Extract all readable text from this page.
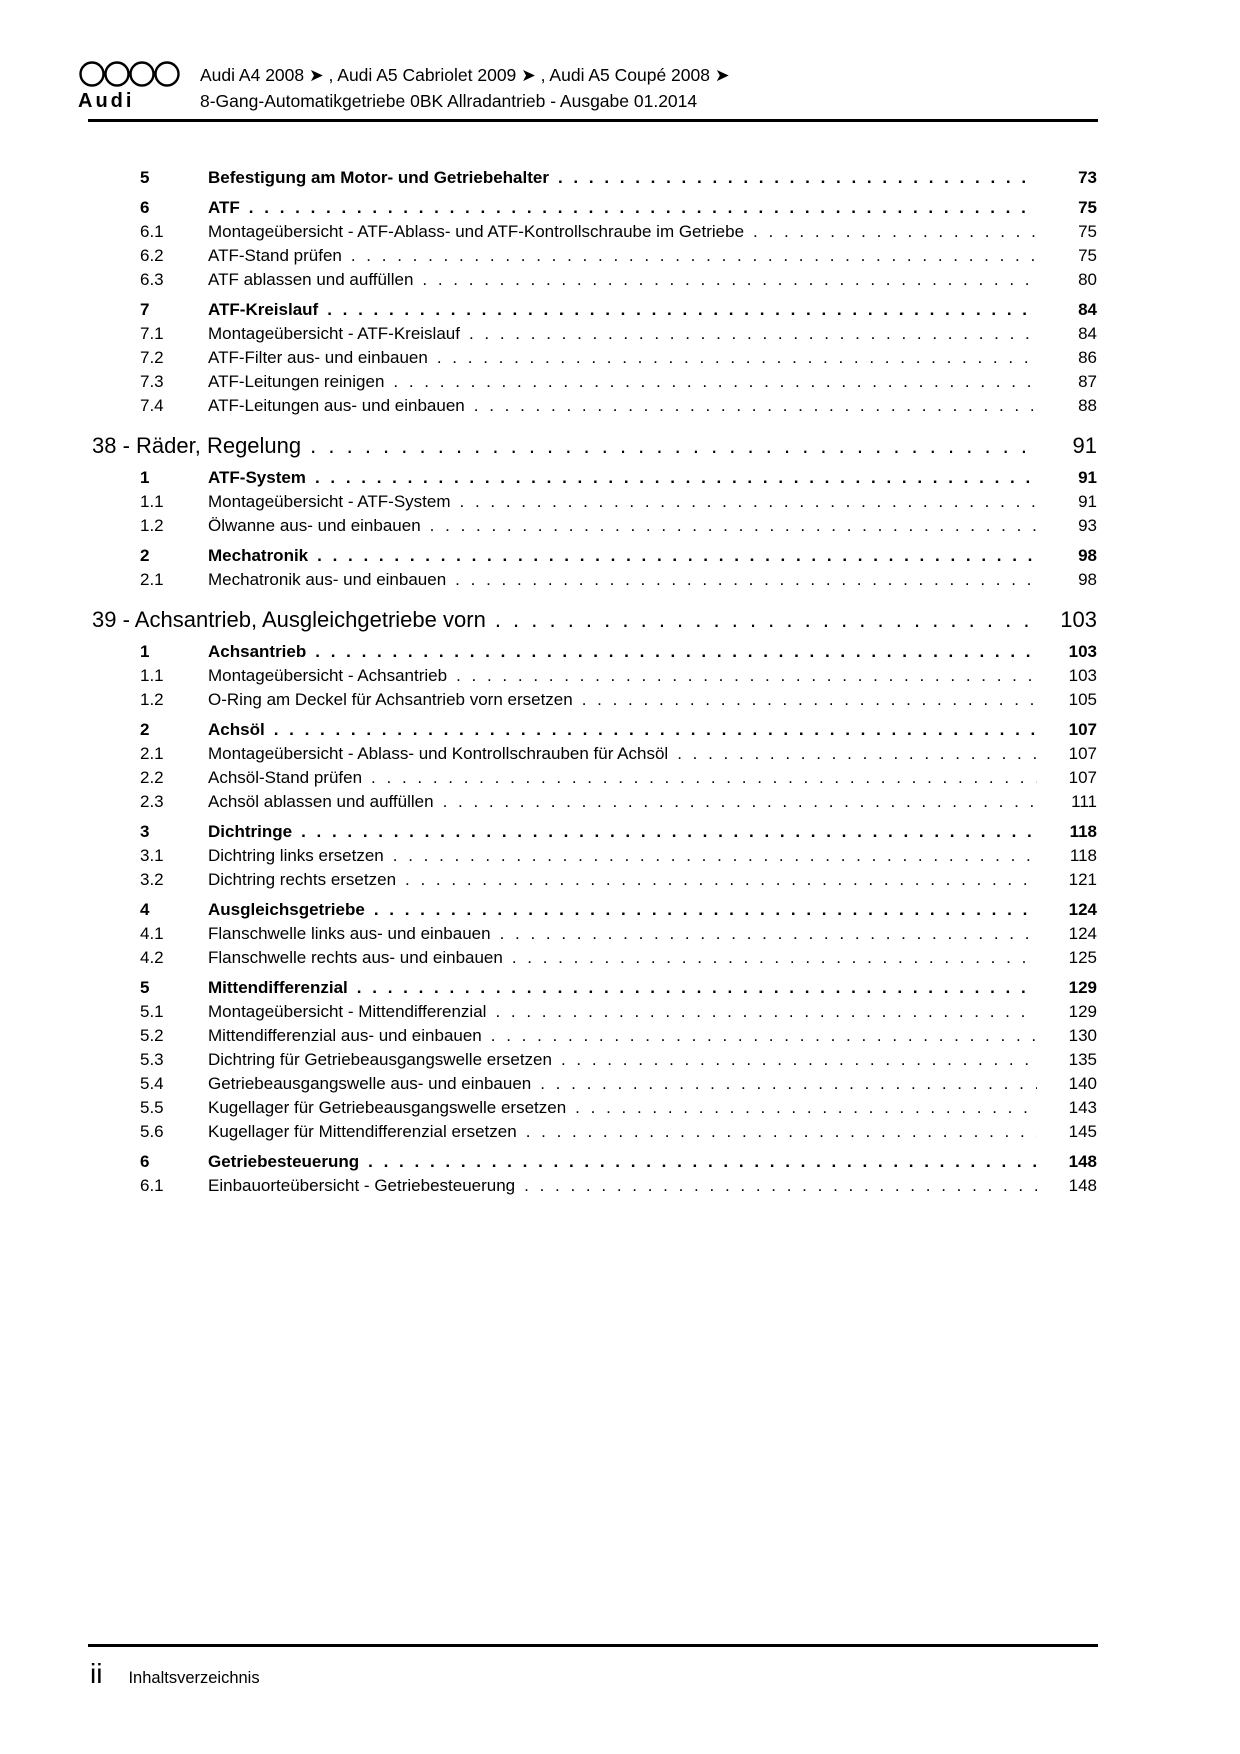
Audi
Audi A4 2008 ➤ , Audi A5 Cabriolet 2009 ➤ , Audi A5 Coupé 2008 ➤
8-Gang-Automatikgetriebe 0BK Allradantrieb - Ausgabe 01.2014
5	Befestigung am Motor- und Getriebehalter . . .	73
6	ATF . . .	75
6.1	Montageübersicht - ATF-Ablass- und ATF-Kontrollschraube im Getriebe . . .	75
6.2	ATF-Stand prüfen . . .	75
6.3	ATF ablassen und auffüllen . . .	80
7	ATF-Kreislauf . . .	84
7.1	Montageübersicht - ATF-Kreislauf . . .	84
7.2	ATF-Filter aus- und einbauen . . .	86
7.3	ATF-Leitungen reinigen . . .	87
7.4	ATF-Leitungen aus- und einbauen . . .	88
38 - Räder, Regelung . . .	91
1	ATF-System . . .	91
1.1	Montageübersicht - ATF-System . . .	91
1.2	Ölwanne aus- und einbauen . . .	93
2	Mechatronik . . .	98
2.1	Mechatronik aus- und einbauen . . .	98
39 - Achsantrieb, Ausgleichgetriebe vorn . . .	103
1	Achsantrieb . . .	103
1.1	Montageübersicht - Achsantrieb . . .	103
1.2	O-Ring am Deckel für Achsantrieb vorn ersetzen . . .	105
2	Achsöl . . .	107
2.1	Montageübersicht - Ablass- und Kontrollschrauben für Achsöl . . .	107
2.2	Achsöl-Stand prüfen . . .	107
2.3	Achsöl ablassen und auffüllen . . .	111
3	Dichtringe . . .	118
3.1	Dichtring links ersetzen . . .	118
3.2	Dichtring rechts ersetzen . . .	121
4	Ausgleichsgetriebe . . .	124
4.1	Flanschwelle links aus- und einbauen . . .	124
4.2	Flanschwelle rechts aus- und einbauen . . .	125
5	Mittendifferenzial . . .	129
5.1	Montageübersicht - Mittendifferenzial . . .	129
5.2	Mittendifferenzial aus- und einbauen . . .	130
5.3	Dichtring für Getriebeausgangswelle ersetzen . . .	135
5.4	Getriebeausgangswelle aus- und einbauen . . .	140
5.5	Kugellager für Getriebeausgangswelle ersetzen . . .	143
5.6	Kugellager für Mittendifferenzial ersetzen . . .	145
6	Getriebesteuerung . . .	148
6.1	Einbauorteübersicht - Getriebesteuerung . . .	148
ii Inhaltsverzeichnis
